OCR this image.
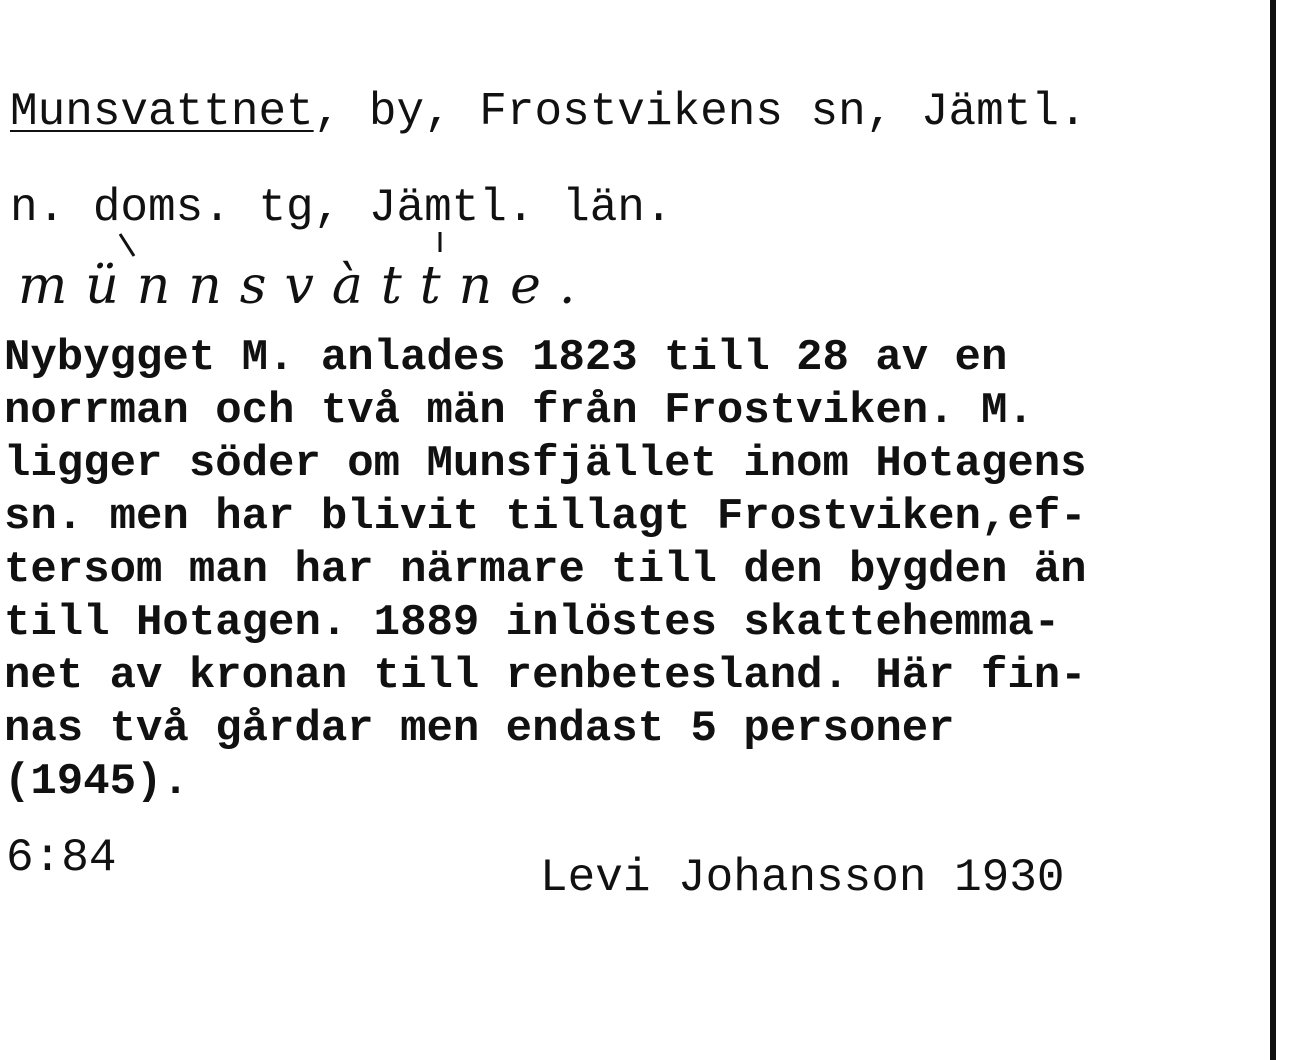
Munsvattnet, by, Frostvikens sn, Jämtl.
n. doms. tg, Jämtl. län.
münnsvàttne.
Nybygget M. anlades 1823 till 28 av en
norrman och två män från Frostviken. M.
ligger söder om Munsfjället inom Hotagens
sn. men har blivit tillagt Frostviken,ef-
tersom man har närmare till den bygden än
till Hotagen. 1889 inlöstes skattehemma-
net av kronan till renbetesland. Här fin-
nas två gårdar men endast 5 personer
(1945).
6:84	Levi Johansson 1930
